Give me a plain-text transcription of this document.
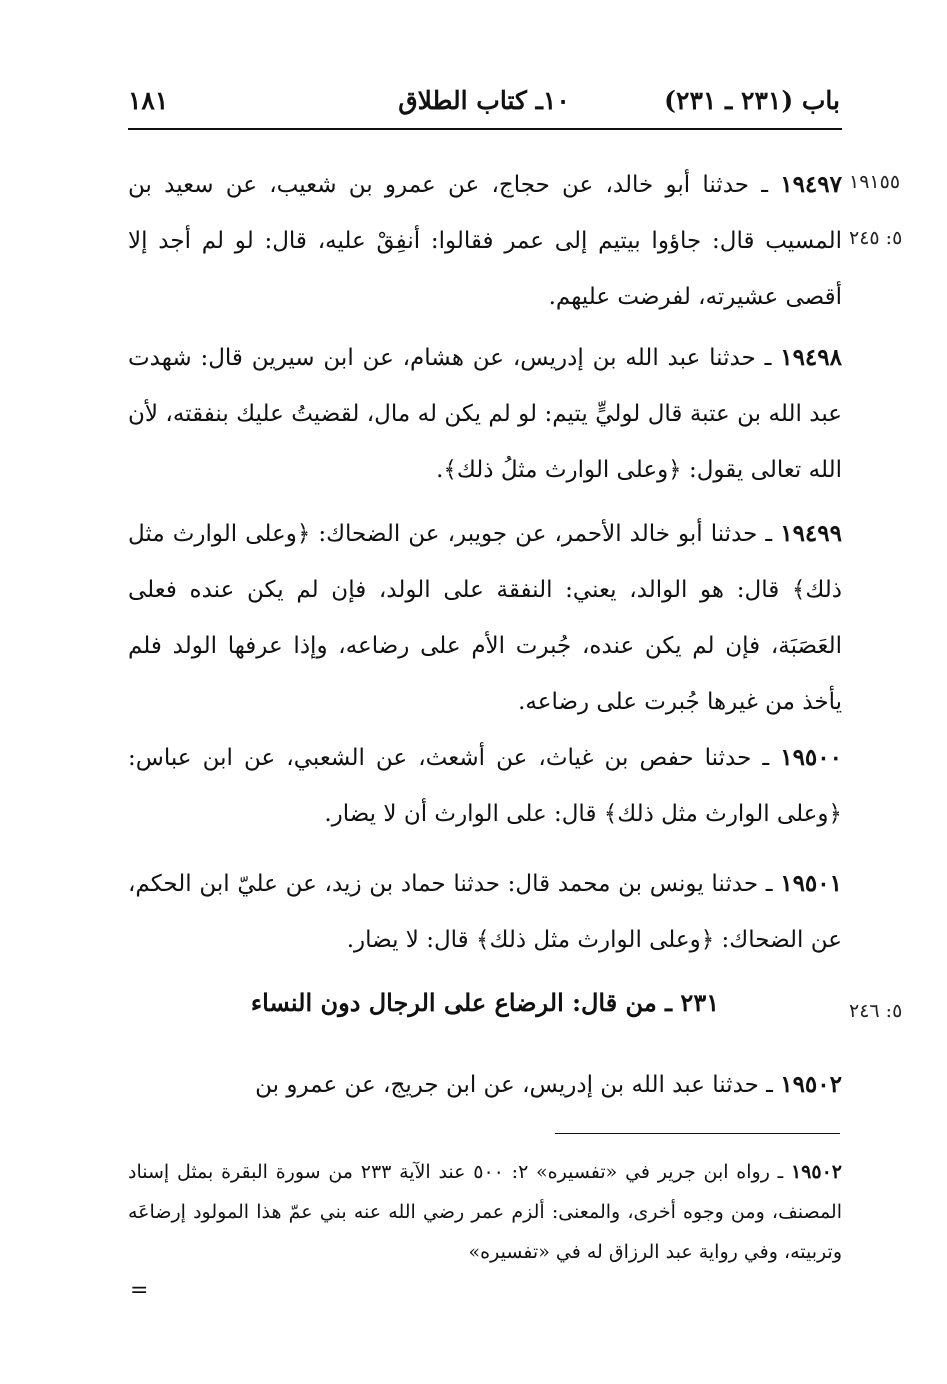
باب (٢٣١ ـ ٢٣١)
١٠ـ كتاب الطلاق
١٨١
١٩١٥٥
٥: ٢٤٥
٥: ٢٤٦
١٩٤٩٧ ـ حدثنا أبو خالد، عن حجاج، عن عمرو بن شعيب، عن سعيد بن المسيب قال: جاؤوا بيتيم إلى عمر فقالوا: أنفِقْ عليه، قال: لو لم أجد إلا أقصى عشيرته، لفرضت عليهم.
١٩٤٩٨ ـ حدثنا عبد الله بن إدريس، عن هشام، عن ابن سيرين قال: شهدت عبد الله بن عتبة قال لوليٍّ يتيم: لو لم يكن له مال، لقضيتُ عليك بنفقته، لأن الله تعالى يقول: ﴿وعلى الوارث مثلُ ذلك﴾.
١٩٤٩٩ ـ حدثنا أبو خالد الأحمر، عن جويبر، عن الضحاك: ﴿وعلى الوارث مثل ذلك﴾ قال: هو الوالد، يعني: النفقة على الولد، فإن لم يكن عنده فعلى العَصَبَة، فإن لم يكن عنده، جُبرت الأم على رضاعه، وإذا عرفها الولد فلم يأخذ من غيرها جُبرت على رضاعه.
١٩٥٠٠ ـ حدثنا حفص بن غياث، عن أشعث، عن الشعبي، عن ابن عباس: ﴿وعلى الوارث مثل ذلك﴾ قال: على الوارث أن لا يضار.
١٩٥٠١ ـ حدثنا يونس بن محمد قال: حدثنا حماد بن زيد، عن عليّ ابن الحكم، عن الضحاك: ﴿وعلى الوارث مثل ذلك﴾ قال: لا يضار.
٢٣١ ـ من قال: الرضاع على الرجال دون النساء
١٩٥٠٢ ـ حدثنا عبد الله بن إدريس، عن ابن جريج، عن عمرو بن
١٩٥٠٢ ـ رواه ابن جرير في «تفسيره» ٢: ٥٠٠ عند الآية ٢٣٣ من سورة البقرة بمثل إسناد المصنف، ومن وجوه أخرى، والمعنى: ألزم عمر رضي الله عنه بني عمّ هذا المولود إرضاعَه وتربيته، وفي رواية عبد الرزاق له في «تفسيره»
=
